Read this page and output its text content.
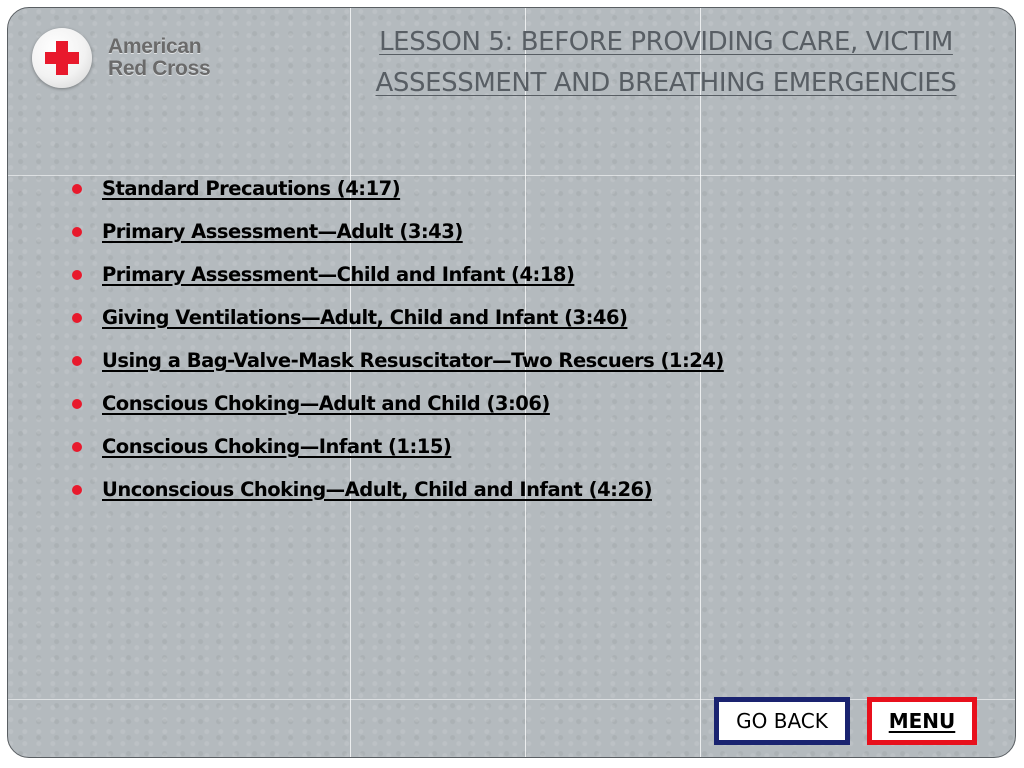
American
Red Cross
LESSON 5: BEFORE PROVIDING CARE, VICTIM
ASSESSMENT AND BREATHING EMERGENCIES
Standard Precautions (4:17)
Primary Assessment—Adult (3:43)
Primary Assessment—Child and Infant (4:18)
Giving Ventilations—Adult, Child and Infant (3:46)
Using a Bag-Valve-Mask Resuscitator—Two Rescuers (1:24)
Conscious Choking—Adult and Child (3:06)
Conscious Choking—Infant (1:15)
Unconscious Choking—Adult, Child and Infant (4:26)
GO BACK	MENU
